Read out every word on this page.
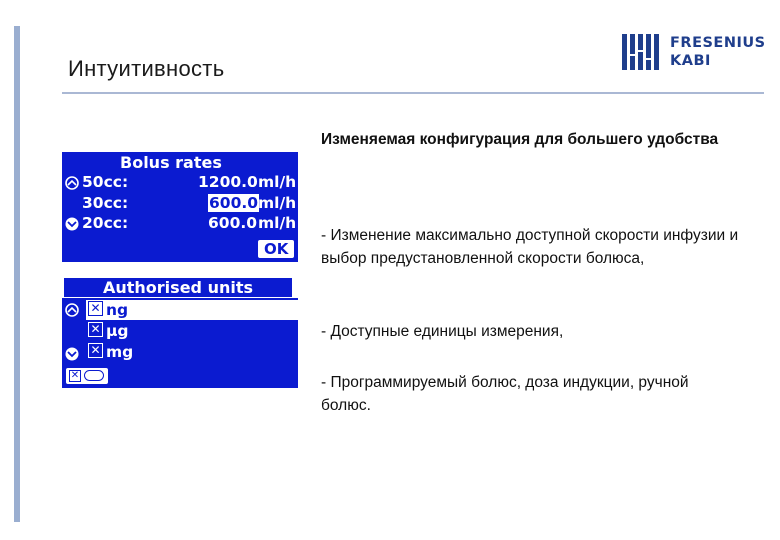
Интуитивность
FRESENIUS
KABI
Bolus rates
50cc:	1200.0 ml/h
30cc:	600.0 ml/h
20cc:	600.0 ml/h
OK
Authorised units
✕ ng
✕ µg
✕ mg
✕
Изменяемая конфигурация для большего удобства
- Изменение максимально доступной скорости инфузии и выбор предустановленной скорости болюса,
- Доступные единицы измерения,
- Программируемый болюс, доза индукции, ручной болюс.
